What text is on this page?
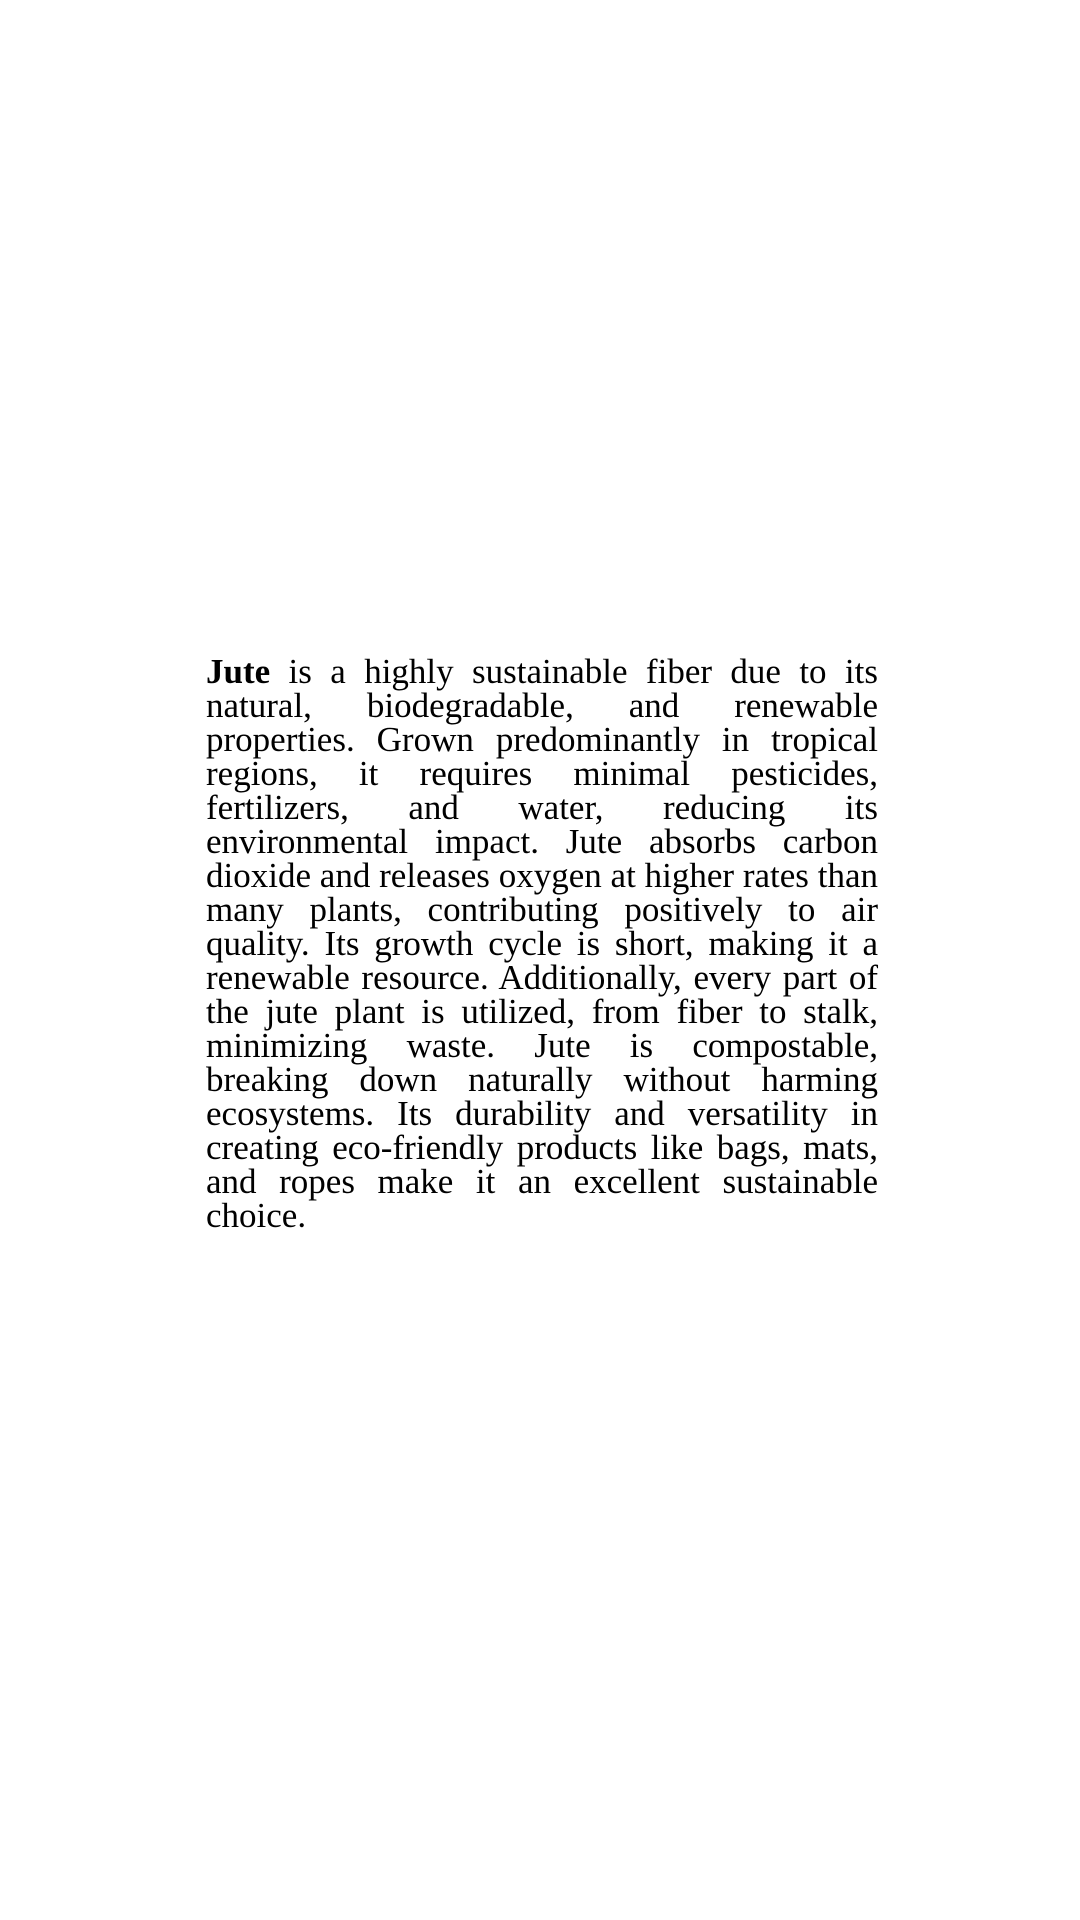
Jute is a highly sustainable fiber due to its natural, biodegradable, and renewable properties. Grown predominantly in tropical regions, it requires minimal pesticides, fertilizers, and water, reducing its environmental impact. Jute absorbs carbon dioxide and releases oxygen at higher rates than many plants, contributing positively to air quality. Its growth cycle is short, making it a renewable resource. Additionally, every part of the jute plant is utilized, from fiber to stalk, minimizing waste. Jute is compostable, breaking down naturally without harming ecosystems. Its durability and versatility in creating eco-friendly products like bags, mats, and ropes make it an excellent sustainable choice.
